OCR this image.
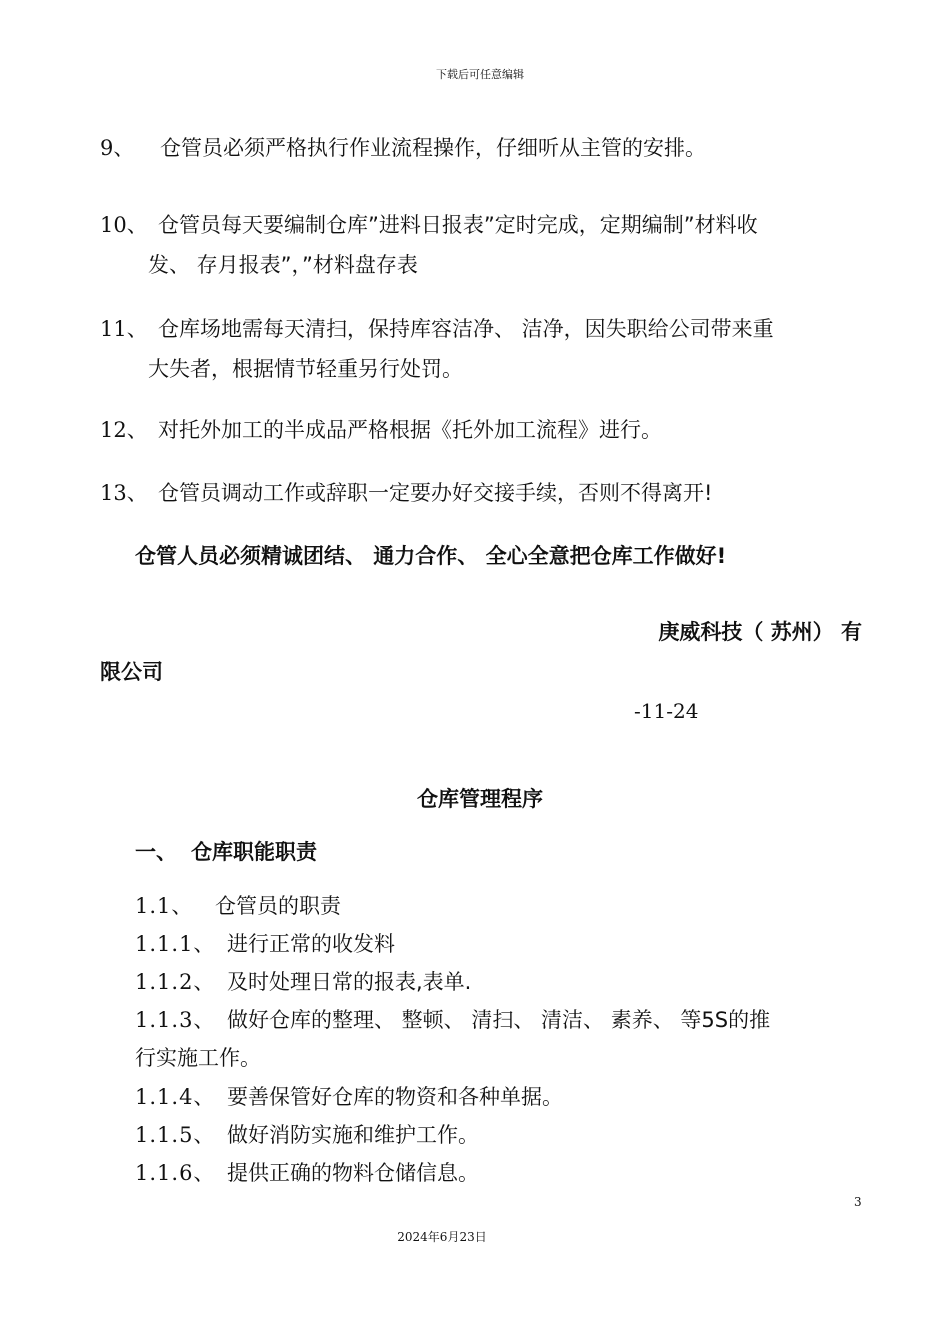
下载后可任意编辑
9、 仓管员必须严格执行作业流程操作，仔细听从主管的安排。
10、 仓管员每天要编制仓库”进料日报表”定时完成，定期编制”材料收
发、 存月报表”，”材料盘存表
11、 仓库场地需每天清扫，保持库容洁净、 洁净，因失职给公司带来重
大失者，根据情节轻重另行处罚。
12、 对托外加工的半成品严格根据《托外加工流程》进行。
13、 仓管员调动工作或辞职一定要办好交接手续，否则不得离开!
仓管人员必须精诚团结、 通力合作、 全心全意把仓库工作做好!
庚威科技（ 苏州） 有
限公司
-11-24
仓库管理程序
一、 仓库职能职责
1.1、 仓管员的职责
1.1.1、 进行正常的收发料
1.1.2、 及时处理日常的报表,表单.
1.1.3、 做好仓库的整理、 整顿、 清扫、 清洁、 素养、 等5S的推
行实施工作。
1.1.4、 要善保管好仓库的物资和各种单据。
1.1.5、 做好消防实施和维护工作。
1.1.6、 提供正确的物料仓储信息。
3
2024年6月23日
